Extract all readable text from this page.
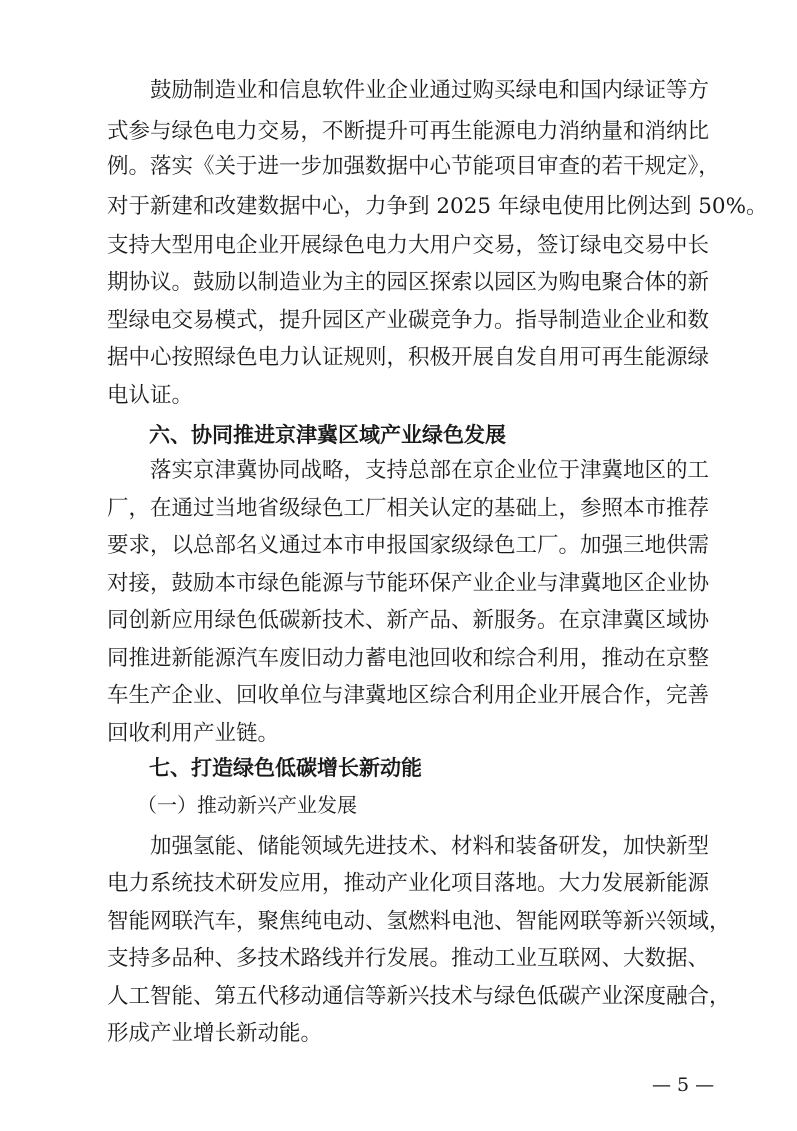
　　鼓励制造业和信息软件业企业通过购买绿电和国内绿证等方
式参与绿色电力交易，不断提升可再生能源电力消纳量和消纳比
例。落实《关于进一步加强数据中心节能项目审查的若干规定》，
对于新建和改建数据中心，力争到 2025 年绿电使用比例达到 50%。
支持大型用电企业开展绿色电力大用户交易，签订绿电交易中长
期协议。鼓励以制造业为主的园区探索以园区为购电聚合体的新
型绿电交易模式，提升园区产业碳竞争力。指导制造业企业和数
据中心按照绿色电力认证规则，积极开展自发自用可再生能源绿
电认证。
　　六、协同推进京津冀区域产业绿色发展
　　落实京津冀协同战略，支持总部在京企业位于津冀地区的工
厂，在通过当地省级绿色工厂相关认定的基础上，参照本市推荐
要求，以总部名义通过本市申报国家级绿色工厂。加强三地供需
对接，鼓励本市绿色能源与节能环保产业企业与津冀地区企业协
同创新应用绿色低碳新技术、新产品、新服务。在京津冀区域协
同推进新能源汽车废旧动力蓄电池回收和综合利用，推动在京整
车生产企业、回收单位与津冀地区综合利用企业开展合作，完善
回收利用产业链。
　　七、打造绿色低碳增长新动能
　　（一）推动新兴产业发展
　　加强氢能、储能领域先进技术、材料和装备研发，加快新型
电力系统技术研发应用，推动产业化项目落地。大力发展新能源
智能网联汽车，聚焦纯电动、氢燃料电池、智能网联等新兴领域，
支持多品种、多技术路线并行发展。推动工业互联网、大数据、
人工智能、第五代移动通信等新兴技术与绿色低碳产业深度融合，
形成产业增长新动能。
— 5 —
